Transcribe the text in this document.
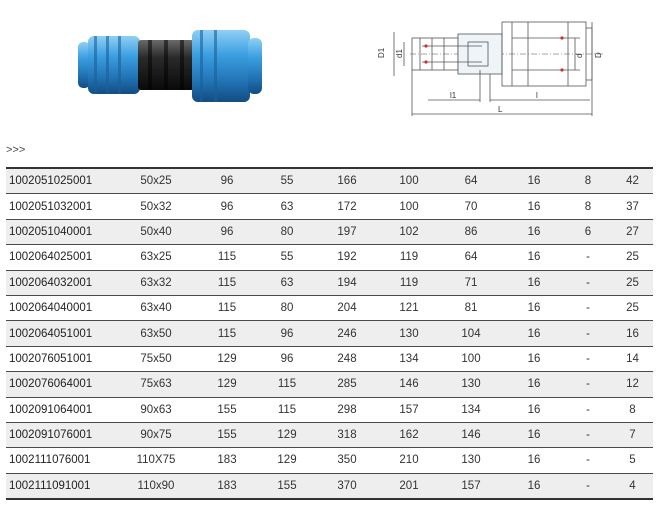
D1 d1	d D
l1	l
L
>>>
1002051025001	50x25	96	55	166	100	64	16	8	42
1002051032001	50x32	96	63	172	100	70	16	8	37
1002051040001	50x40	96	80	197	102	86	16	6	27
1002064025001	63x25	115	55	192	119	64	16	-	25
1002064032001	63x32	115	63	194	119	71	16	-	25
1002064040001	63x40	115	80	204	121	81	16	-	25
1002064051001	63x50	115	96	246	130	104	16	-	16
1002076051001	75x50	129	96	248	134	100	16	-	14
1002076064001	75x63	129	115	285	146	130	16	-	12
1002091064001	90x63	155	115	298	157	134	16	-	8
1002091076001	90x75	155	129	318	162	146	16	-	7
1002111076001	110X75	183	129	350	210	130	16	-	5
1002111091001	110x90	183	155	370	201	157	16	-	4
